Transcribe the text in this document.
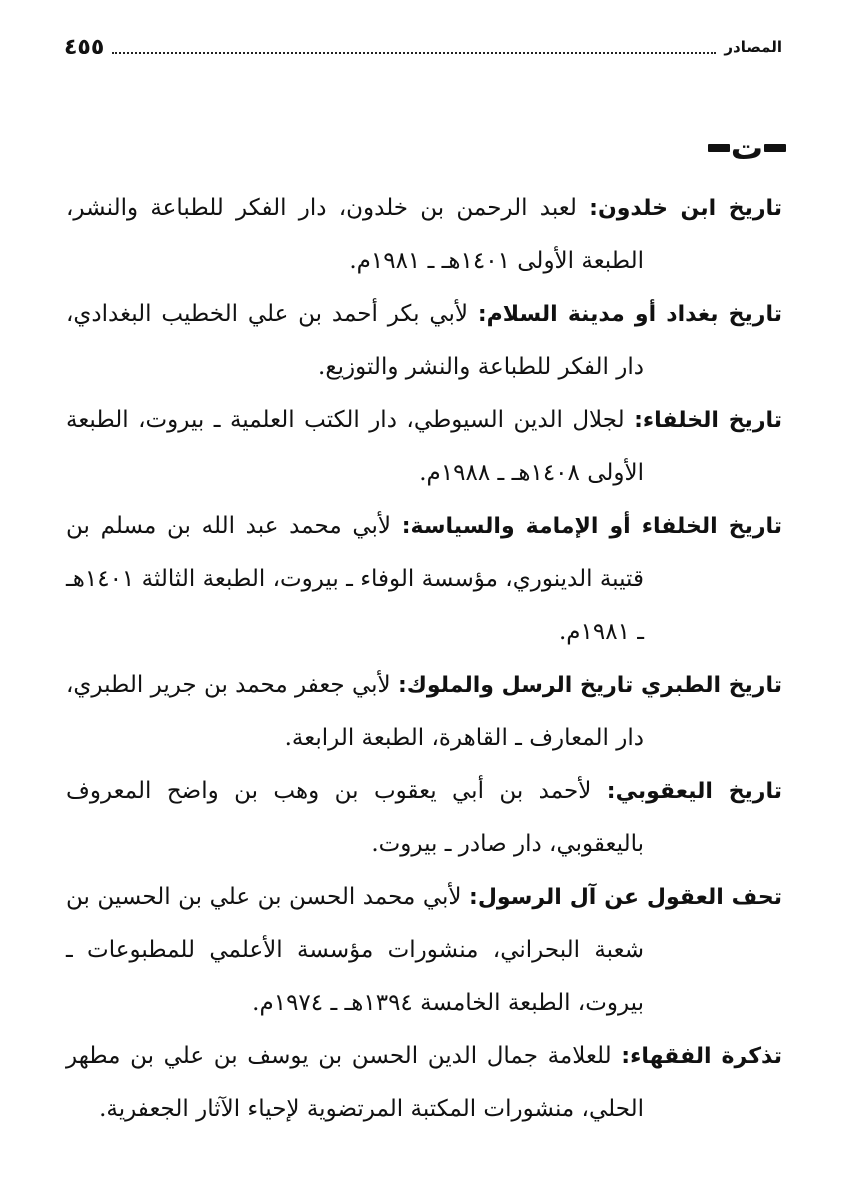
المصادر
٤٥٥
ت

تاريخ ابن خلدون: لعبد الرحمن بن خلدون، دار الفكر للطباعة والنشر، الطبعة الأولى ١٤٠١هـ ـ ١٩٨١م.

تاريخ بغداد أو مدينة السلام: لأبي بكر أحمد بن علي الخطيب البغدادي، دار الفكر للطباعة والنشر والتوزيع.

تاريخ الخلفاء: لجلال الدين السيوطي، دار الكتب العلمية ـ بيروت، الطبعة الأولى ١٤٠٨هـ ـ ١٩٨٨م.

تاريخ الخلفاء أو الإمامة والسياسة: لأبي محمد عبد الله بن مسلم بن قتيبة الدينوري، مؤسسة الوفاء ـ بيروت، الطبعة الثالثة ١٤٠١هـ ـ ١٩٨١م.

تاريخ الطبري تاريخ الرسل والملوك: لأبي جعفر محمد بن جرير الطبري، دار المعارف ـ القاهرة، الطبعة الرابعة.

تاريخ اليعقوبي: لأحمد بن أبي يعقوب بن وهب بن واضح المعروف باليعقوبي، دار صادر ـ بيروت.

تحف العقول عن آل الرسول: لأبي محمد الحسن بن علي بن الحسين بن شعبة البحراني، منشورات مؤسسة الأعلمي للمطبوعات ـ بيروت، الطبعة الخامسة ١٣٩٤هـ ـ ١٩٧٤م.

تذكرة الفقهاء: للعلامة جمال الدين الحسن بن يوسف بن علي بن مطهر الحلي، منشورات المكتبة المرتضوية لإحياء الآثار الجعفرية.
